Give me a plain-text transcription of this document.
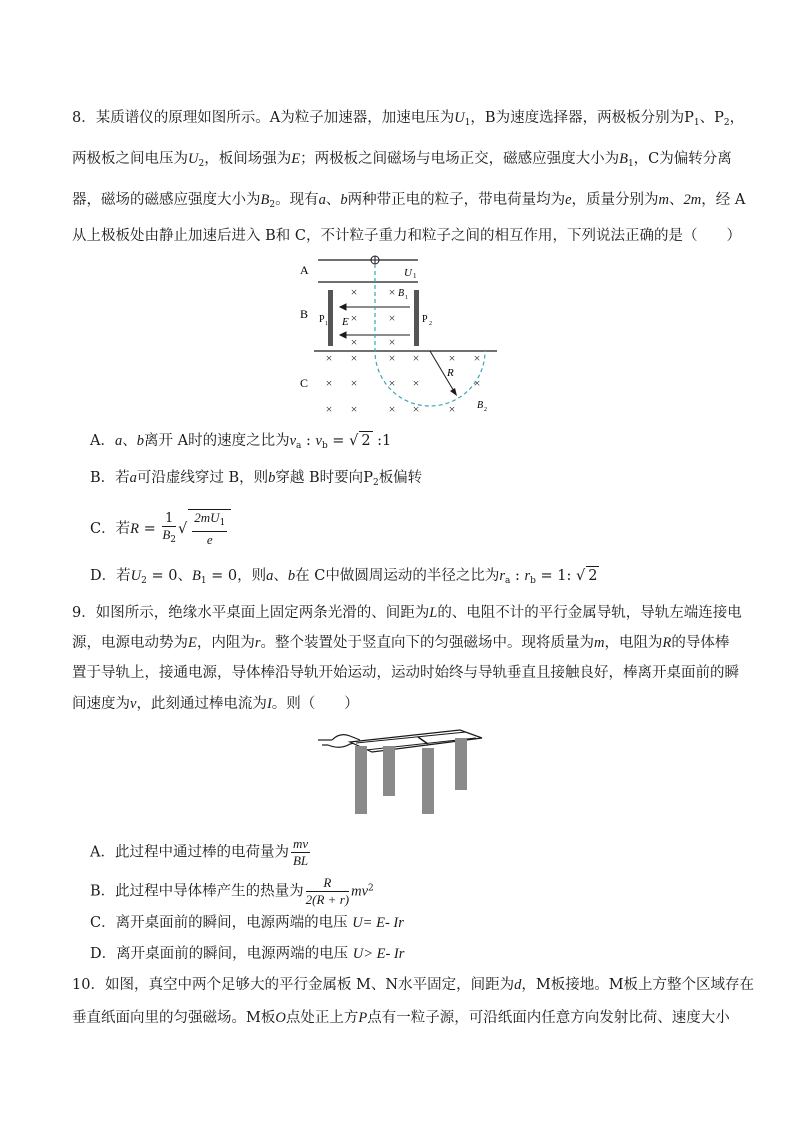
8．某质谱仪的原理如图所示。A为粒子加速器，加速电压为$U_1$，B为速度选择器，两极板分别为$P_1$、$P_2$，
两极板之间电压为$U_2$，板间场强为E；两极板之间磁场与电场正交，磁感应强度大小为$B_1$，C为偏转分离
器，磁场的磁感应强度大小为$B_2$。现有a、b两种带正电的粒子，带电荷量均为e，质量分别为m、2m，经 A
从上极板处由静止加速后进入 B和 C，不计粒子重力和粒子之间的相互作用，下列说法正确的是（　　）
A	U 1
B P 1	P 2
×	×
×	×
×	×
B 1
E
C
× ×	× × × ×
× ×	× ×	×
× ×	× × ×
R
B 2
A．a、b离开 A时的速度之比为$v_a$ : $v_b$ = √ 2 :1
B．若a可沿虚线穿过 B，则b穿越 B时要向$P_2$板偏转
C．若$R = \frac{1}{B_2}$ √ $\frac{2mU_1}{e}$
D．若$U_2 = 0$、$B_1 = 0$，则a、b在 C中做圆周运动的半径之比为$r_a$ : $r_b = 1$: √ 2
9．如图所示，绝缘水平桌面上固定两条光滑的、间距为L的、电阻不计的平行金属导轨，导轨左端连接电
源，电源电动势为E，内阻为r。整个装置处于竖直向下的匀强磁场中。现将质量为m，电阻为R的导体棒
置于导轨上，接通电源，导体棒沿导轨开始运动，运动时始终与导轨垂直且接触良好，棒离开桌面前的瞬
间速度为v，此刻通过棒电流为I。则（　　）
A．此过程中通过棒的电荷量为 $\frac{mv}{BL}$
B．此过程中导体棒产生的热量为 $\frac{R}{2(R + r)} mv^2$
C．离开桌面前的瞬间，电源两端的电压 U= E- Ir
D．离开桌面前的瞬间，电源两端的电压 U> E- Ir
10．如图，真空中两个足够大的平行金属板 M、N水平固定，间距为d，M板接地。M板上方整个区域存在
垂直纸面向里的匀强磁场。M板O点处正上方P点有一粒子源，可沿纸面内任意方向发射比荷、速度大小
